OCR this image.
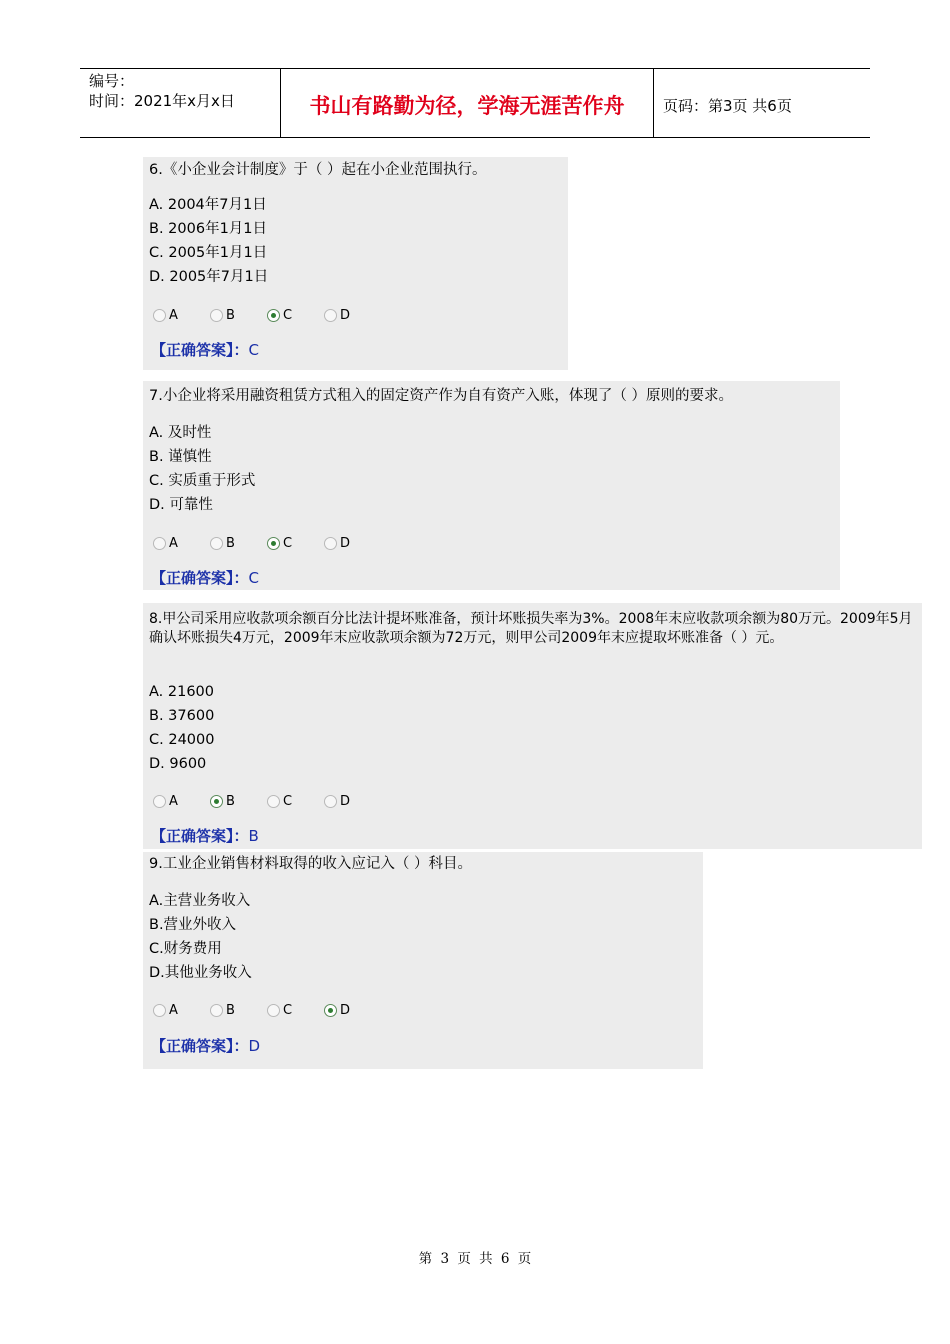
编号：
时间：2021年x月x日	书山有路勤为径，学海无涯苦作舟	页码：第3页 共6页
6.《小企业会计制度》于（ ）起在小企业范围执行。
A. 2004年7月1日
B. 2006年1月1日
C. 2005年1月1日
D. 2005年7月1日
A	B	C	D
【正确答案】：C
7.小企业将采用融资租赁方式租入的固定资产作为自有资产入账，体现了（ ）原则的要求。
A. 及时性
B. 谨慎性
C. 实质重于形式
D. 可靠性
A	B	C	D
【正确答案】：C
8.甲公司采用应收款项余额百分比法计提坏账准备，预计坏账损失率为3%。2008年末应收款项余额为80万元。2009年5月确认坏账损失4万元，2009年末应收款项余额为72万元，则甲公司2009年末应提取坏账准备（ ）元。
A. 21600
B. 37600
C. 24000
D. 9600
A	B	C	D
【正确答案】：B
9.工业企业销售材料取得的收入应记入（ ）科目。
A.主营业务收入
B.营业外收入
C.财务费用
D.其他业务收入
A	B	C	D
【正确答案】：D
第 3 页 共 6 页
